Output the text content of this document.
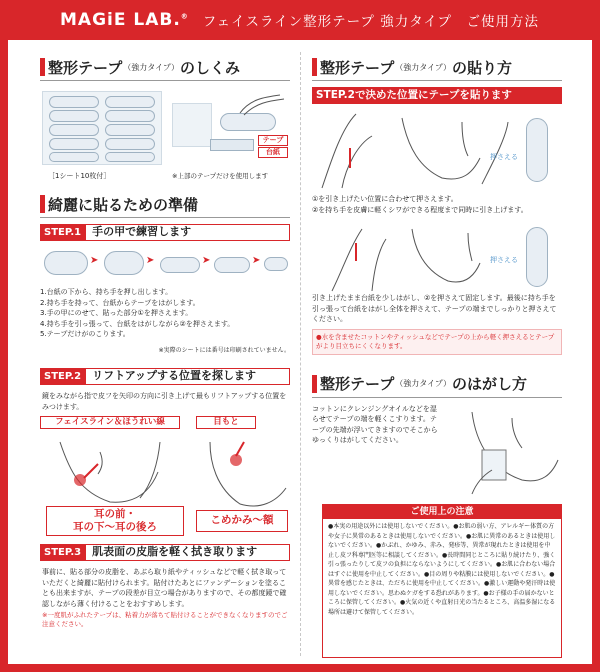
MAGiE LAB.® フェイスライン整形テープ 強力タイプ　ご使用方法
整形テープ （強力タイプ） のしくみ
［1シート10枚付］
テープ
台紙
※上部のテープだけを使用します
綺麗に貼るための準備
STEP.1	手の甲で練習します
➤	➤	➤	➤
1.台紙の下から、持ち手を押し出します。
2.持ち手を持って、台紙からテープをはがします。
3.手の甲にのせて、貼った部分①を押さえます。
4.持ち手を引っ張って、台紙をはがしながら②を押さえます。
5.テープだけがのこります。
※実際のシートには番号は印刷されていません。
STEP.2	リフトアップする位置を探します
鏡をみながら指で皮フを矢印の方向に引き上げて最もリフトアップする位置をみつけます。
フェイスライン＆ほうれい線	目もと
耳の前・
耳の下〜耳の後ろ
こめかみ〜額
STEP.3	肌表面の皮脂を軽く拭き取ります
事前に、貼る部分の皮脂を、あぶら取り紙やティッシュなどで軽く拭き取っていただくと綺麗に貼付けられます。貼付けたあとにファンデーションを塗ることも出来ますが、テープの段差が目立つ場合がありますので、その都度鏡で確認しながら薄く付けることをおすすめします。
※一度肌がふれたテープは、粘着力が落ちて貼付けることができなくなりますのでご注意ください。
整形テープ （強力タイプ） の貼り方
STEP.2で決めた位置にテープを貼ります
押さえる
①を引き上げたい位置に合わせて押さえます。
②を持ち手を皮膚に軽くシワができる程度まで同時に引き上げます。
押さえる
引き上げたまま台紙を少しはがし、②を押さえて固定します。最後に持ち手を引っ張って台紙をはがし全体を押さえて、テープの端までしっかりと押さえてください。
●水を含ませたコットンやティッシュなどでテープの上から軽く押さえるとテープがより目立ちにくくなります。
整形テープ （強力タイプ） のはがし方
コットンにクレンジングオイルなどを湿らせてテープの端を軽くこすります。テープの先端が浮いてきますのでそこからゆっくりはがしてください。
ご使用上の注意
●本実の用途以外には使用しないでください。●お肌の弱い方、アレルギー体質の方や女子に異常のあるときは使用しないでください。●お肌に異常のあるときは使用しないでください。●かぶれ、かゆみ、赤み、発疹等、異常が現れたときは使用を中止し皮フ科専門医等に相談してください。●長時間同じところに貼り続けたり、強く引っ張ったりして皮フの負担にならないようにしてください。●お肌に合わない場合はすぐに使用を中止してください。●目の周りや粘膜には使用しないでください。●異常を感じたときは、ただちに使用を中止してください。●激しい運動や発汗時は使用しないでください。思わぬケガをする恐れがあります。●お子様の手の届かないところに保管してください。●火気の近くや直射日光の当たるところ、高温多湿になる場所は避けて保管してください。
